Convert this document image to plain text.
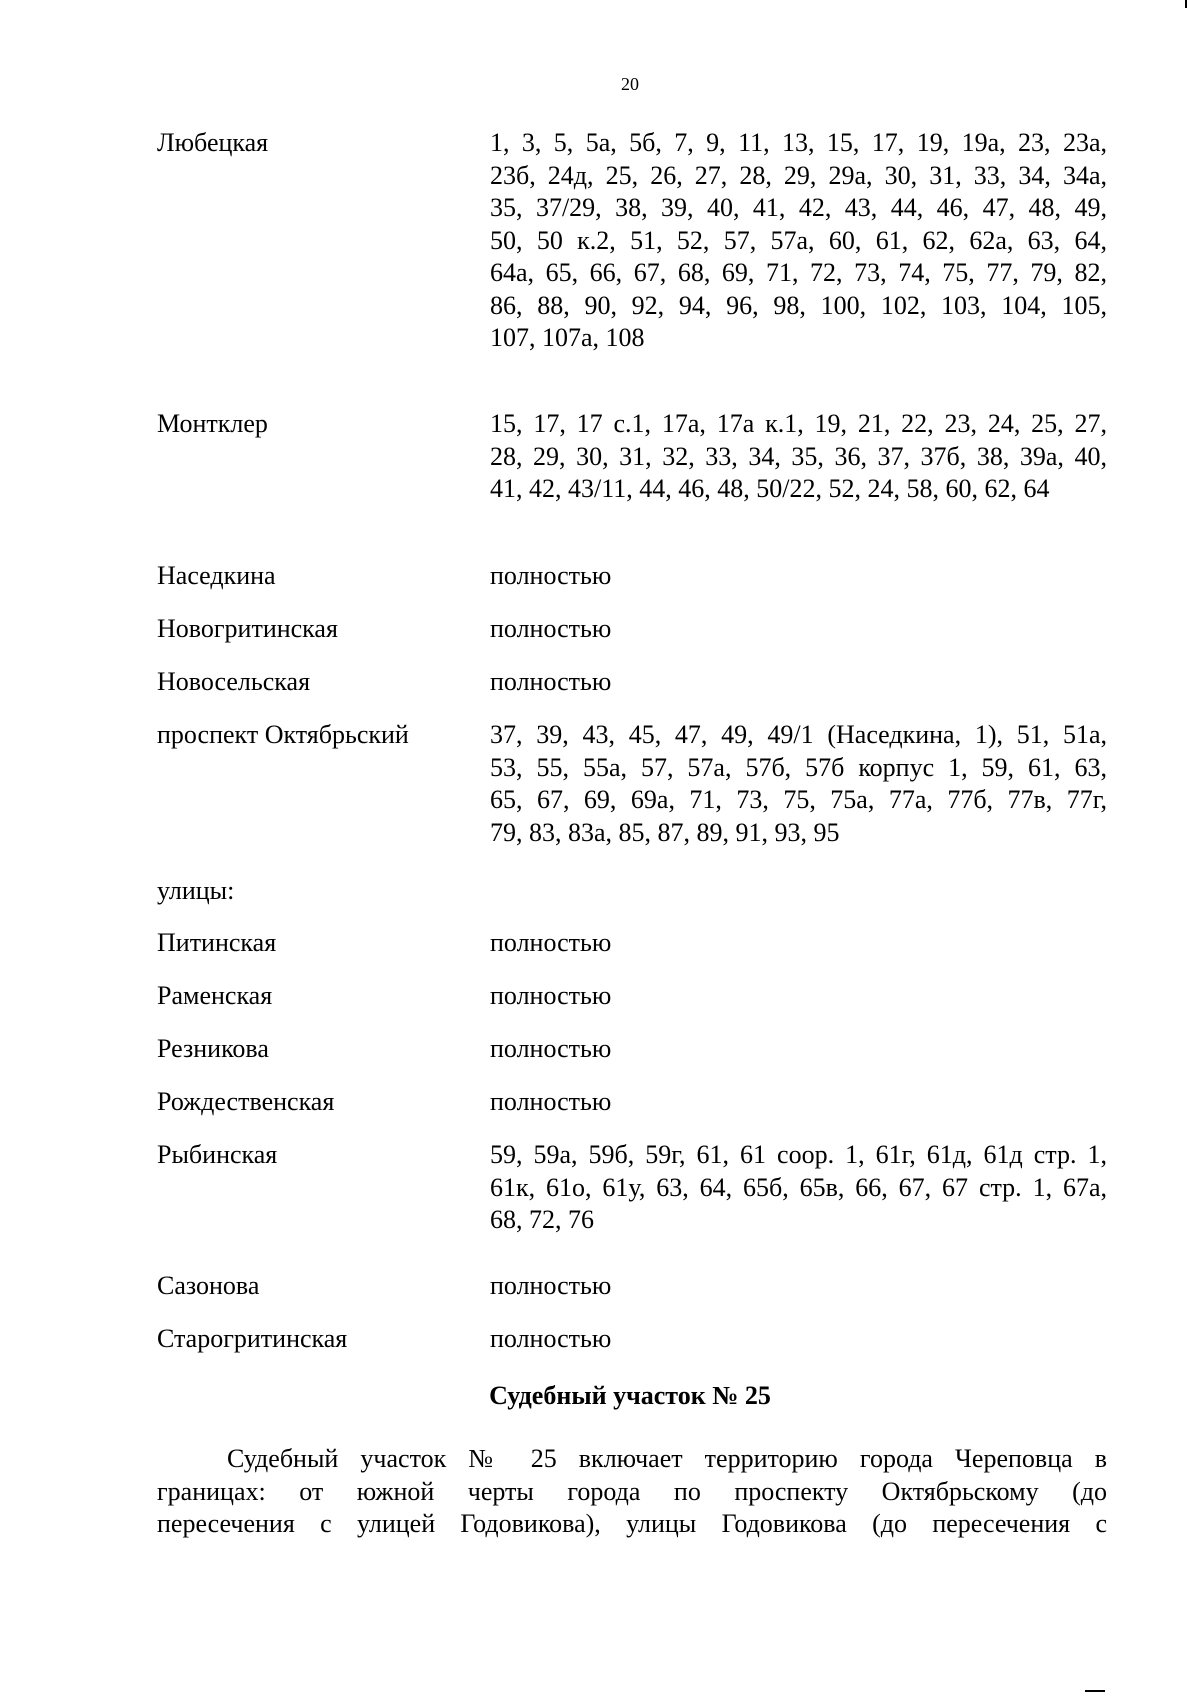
20
Любецкая	1, 3, 5, 5а, 5б, 7, 9, 11, 13, 15, 17, 19, 19а, 23, 23а,
23б, 24д, 25, 26, 27, 28, 29, 29а, 30, 31, 33, 34, 34а,
35, 37/29, 38, 39, 40, 41, 42, 43, 44, 46, 47, 48, 49,
50, 50 к.2, 51, 52, 57, 57а, 60, 61, 62, 62а, 63, 64,
64а, 65, 66, 67, 68, 69, 71, 72, 73, 74, 75, 77, 79, 82,
86, 88, 90, 92, 94, 96, 98, 100, 102, 103, 104, 105,
107, 107а, 108
Монтклер	15, 17, 17 с.1, 17а, 17а к.1, 19, 21, 22, 23, 24, 25, 27,
28, 29, 30, 31, 32, 33, 34, 35, 36, 37, 37б, 38, 39а, 40,
41, 42, 43/11, 44, 46, 48, 50/22, 52, 24, 58, 60, 62, 64
Наседкина	полностью
Новогритинская	полностью
Новосельская	полностью
проспект Октябрьский	37, 39, 43, 45, 47, 49, 49/1 (Наседкина, 1), 51, 51а,
53, 55, 55а, 57, 57а, 57б, 57б корпус 1, 59, 61, 63,
65, 67, 69, 69а, 71, 73, 75, 75а, 77а, 77б, 77в, 77г,
79, 83, 83а, 85, 87, 89, 91, 93, 95
улицы:
Питинская	полностью
Раменская	полностью
Резникова	полностью
Рождественская	полностью
Рыбинская	59, 59а, 59б, 59г, 61, 61 соор. 1, 61г, 61д, 61д стр. 1,
61к, 61о, 61у, 63, 64, 65б, 65в, 66, 67, 67 стр. 1, 67а,
68, 72, 76
Сазонова	полностью
Старогритинская	полностью
Судебный участок № 25
Судебный участок № 25 включает территорию города Череповца в
границах: от южной черты города по проспекту Октябрьскому (до
пересечения с улицей Годовикова), улицы Годовикова (до пересечения с
